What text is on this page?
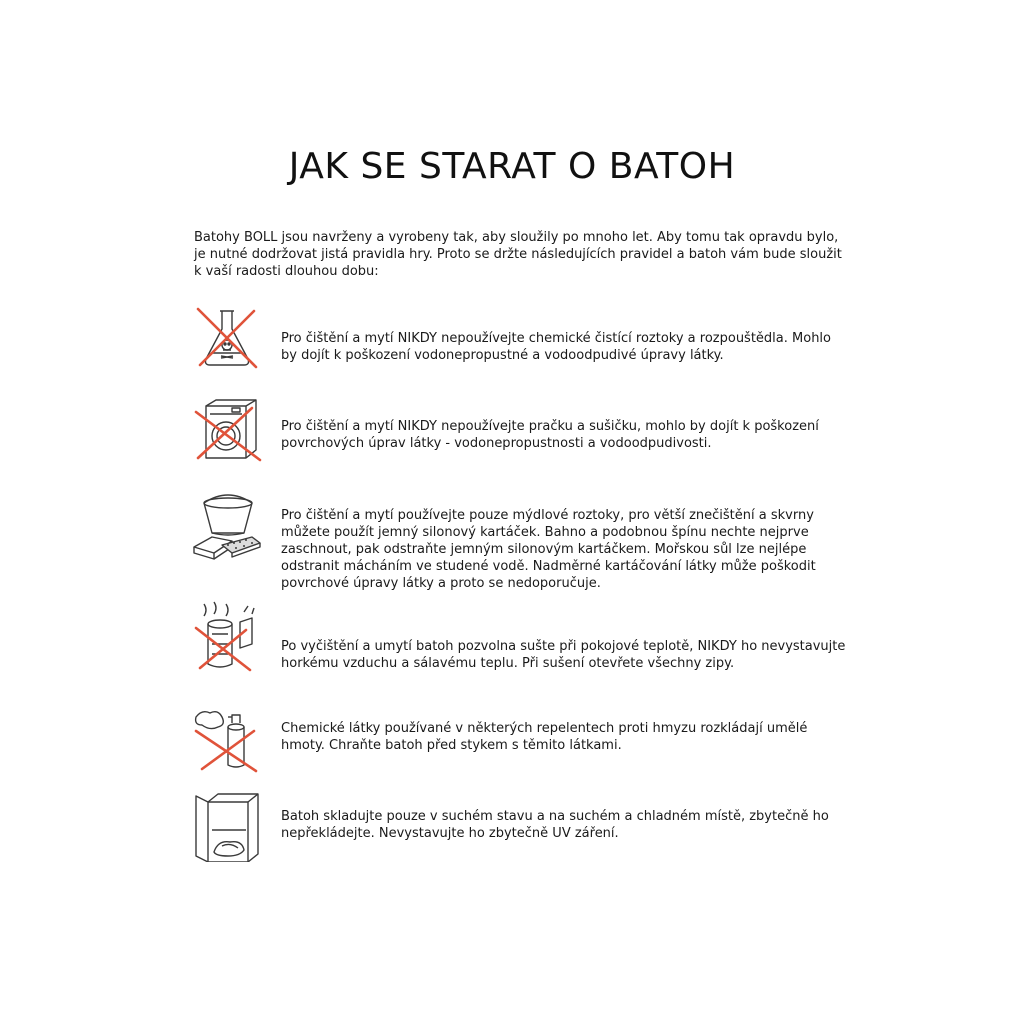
JAK SE STARAT O BATOH

Batohy BOLL jsou navrženy a vyrobeny tak, aby sloužily po mnoho let. Aby tomu tak opravdu bylo, je nutné dodržovat jistá pravidla hry. Proto se držte následujících pravidel a batoh vám bude sloužit k vaší radosti dlouhou dobu:

Pro čištění a mytí NIKDY nepoužívejte chemické čistící roztoky a rozpouštědla. Mohlo by dojít k poškození vodonepropustné a vodoodpudivé úpravy látky.

Pro čištění a mytí NIKDY nepoužívejte pračku a sušičku, mohlo by dojít k poškození povrchových úprav látky - vodonepropustnosti a vodoodpudivosti.

Pro čištění a mytí používejte pouze mýdlové roztoky, pro větší znečištění a skvrny můžete použít jemný silonový kartáček. Bahno a podobnou špínu nechte nejprve zaschnout, pak odstraňte jemným silonovým kartáčkem. Mořskou sůl lze nejlépe odstranit mácháním ve studené vodě. Nadměrné kartáčování látky může poškodit povrchové úpravy látky a proto se nedoporučuje.

Po vyčištění a umytí batoh pozvolna sušte při pokojové teplotě, NIKDY ho nevystavujte horkému vzduchu a sálavému teplu. Při sušení otevřete všechny zipy.

Chemické látky používané v některých repelentech proti hmyzu rozkládají umělé hmoty. Chraňte batoh před stykem s těmito látkami.

Batoh skladujte pouze v suchém stavu a na suchém a chladném místě, zbytečně ho nepřekládejte. Nevystavujte ho zbytečně UV záření.
